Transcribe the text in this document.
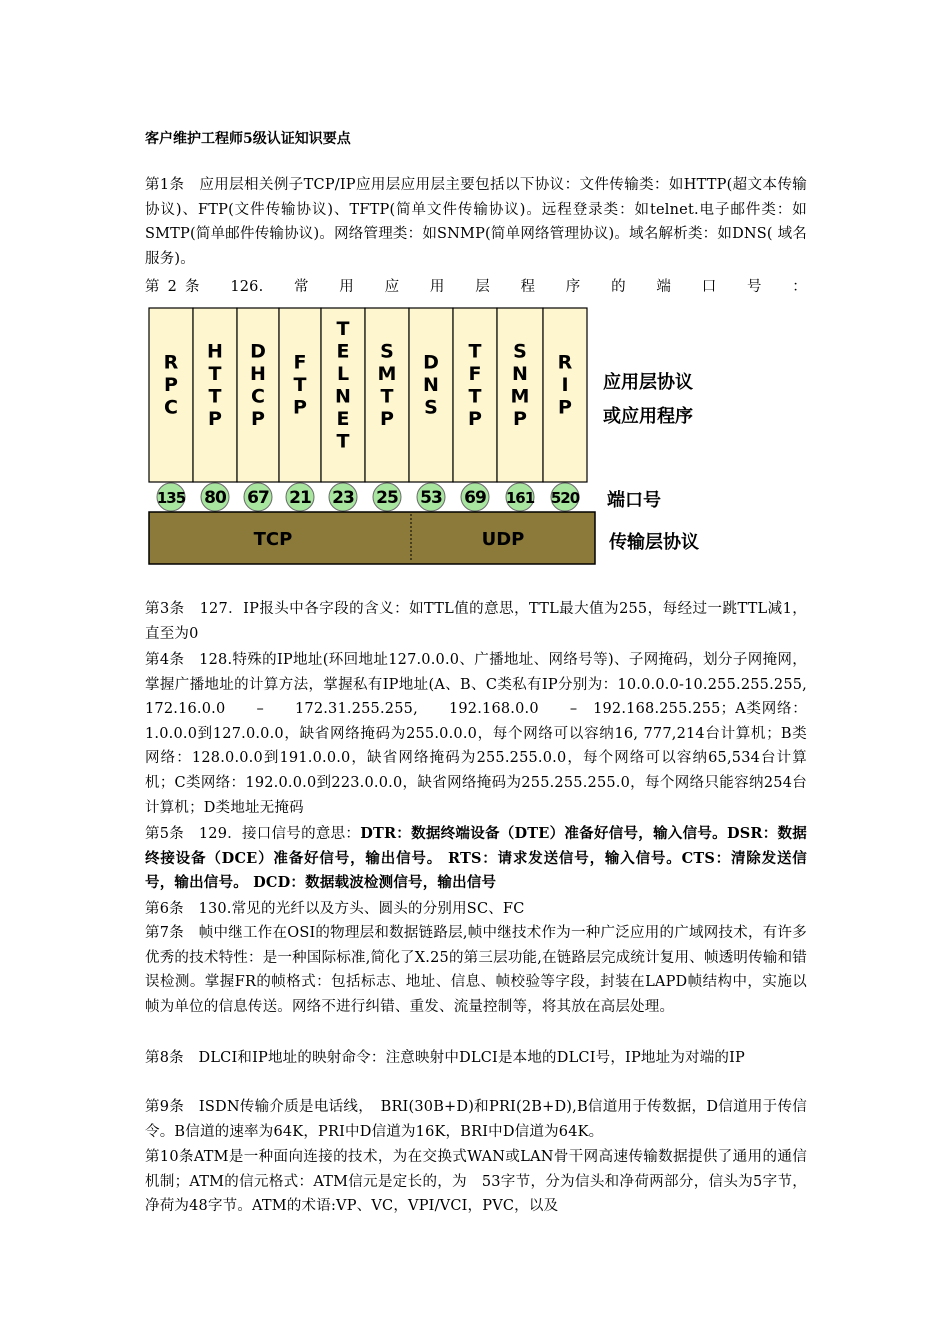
客户维护工程师5级认证知识要点
第1条　应用层相关例子TCP/IP应用层应用层主要包括以下协议：文件传输类：如HTTP(超文本传输协议)、FTP(文件传输协议)、TFTP(简单文件传输协议)。远程登录类：如telnet.电子邮件类：如SMTP(简单邮件传输协议)。网络管理类：如SNMP(简单网络管理协议)。域名解析类：如DNS( 域名服务)。
第2条　126.　常　用　应　用　层　程　序　的　端　口　号　：
第3条　127．IP报头中各字段的含义：如TTL值的意思，TTL最大值为255，每经过一跳TTL减1，直至为0
第4条　128.特殊的IP地址(环回地址127.0.0.0、广播地址、网络号等)、子网掩码，划分子网掩网，掌握广播地址的计算方法，掌握私有IP地址(A、B、C类私有IP分别为：10.0.0.0-10.255.255.255,　　172.16.0.0　　–　　172.31.255.255,　　192.168.0.0　　–　192.168.255.255；A类网络：1.0.0.0到127.0.0.0，缺省网络掩码为255.0.0.0，每个网络可以容纳16, 777,214台计算机；B类网络：128.0.0.0到191.0.0.0，缺省网络掩码为255.255.0.0，每个网络可以容纳65,534台计算机；C类网络：192.0.0.0到223.0.0.0，缺省网络掩码为255.255.255.0，每个网络只能容纳254台计算机；D类地址无掩码
第5条　129．接口信号的意思：DTR：数据终端设备（DTE）准备好信号，输入信号。DSR：数据终接设备（DCE）准备好信号，输出信号。 RTS：请求发送信号，输入信号。CTS：清除发送信号，输出信号。 DCD：数据载波检测信号，输出信号
第6条　130.常见的光纤以及方头、圆头的分别用SC、FC
第7条　帧中继工作在OSI的物理层和数据链路层,帧中继技术作为一种广泛应用的广域网技术，有许多优秀的技术特性：是一种国际标准,简化了X.25的第三层功能,在链路层完成统计复用、帧透明传输和错误检测。掌握FR的帧格式：包括标志、地址、信息、帧校验等字段，封装在LAPD帧结构中，实施以帧为单位的信息传送。网络不进行纠错、重发、流量控制等，将其放在高层处理。
第8条　DLCI和IP地址的映射命令：注意映射中DLCI是本地的DLCI号，IP地址为对端的IP
第9条　ISDN传输介质是电话线，　BRI(30B+D)和PRI(2B+D),B信道用于传数据，D信道用于传信令。B信道的速率为64K，PRI中D信道为16K，BRI中D信道为64K。
第10条ATM是一种面向连接的技术，为在交换式WAN或LAN骨干网高速传输数据提供了通用的通信机制；ATM的信元格式：ATM信元是定长的，为　53字节，分为信头和净荷两部分，信头为5字节，净荷为48字节。ATM的术语:VP、VC，VPI/VCI，PVC，以及
R
P
C
135
H
T
T
P
80
D
H
C
P
67
F
T
P
21
T
E
L
N
E
T
23
S
M
T
P
25
D
N
S
53
T
F
T
P
69
S
N
M
P
161
R
I
P
520
TCP	UDP
应用层协议
或应用程序
端口号
传输层协议
